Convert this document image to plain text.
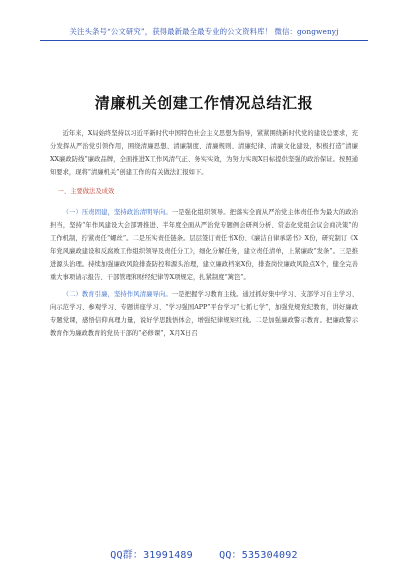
关注头条号“公文研究”，获得最新最全最专业的公文资料库！ 微信：gongwenyj
清廉机关创建工作情况总结汇报

近年来，X局始终坚持以习近平新时代中国特色社会主义思想为指导，紧紧围绕新时代党的建设总要求，充分发挥从严治党引领作用，围绕清廉思想、清廉制度、清廉规则、清廉纪律、清廉文化建设，积极打造“清廉XX廉政防线”廉政品牌，全面推进X工作风清气正、务实实效，为努力实现X目标提供坚强的政治保证。按照通知要求，现将“清廉机关”创建工作的有关做法汇报如下。

一、主要做法及成效

（一）压责固建，坚持政治清明导向。一是强化组织领导。把落实全面从严治党主体责任作为最大的政治担当，坚持“年作风建设大会部署推进、半年度全面从严治党专题例会研判分析、常态化党组会议会商决策”的工作机制，拧紧责任“螺丝”。二是压实责任链条。层层签订责任书X份、《廉洁自律承诺书》X份，研究制订《X年党风廉政建设和反腐败工作组织领导及责任分工》，细化分解任务，建立责任清单，上紧廉政“发条”。三是推进源头治理。持续加强廉政风险排查防控和源头治理，建立廉政档案X份，排查岗位廉政风险点X个，健全完善重大事项请示报告、干部管理和财经纪律等X项规定，扎紧制度“篱笆”。

（二）教育引廉，坚持作风清廉导向。一是把握学习教育主线。通过抓好集中学习、支部学习自主学习、向示范学习、参观学习、专题讲座学习、“学习强国APP”平台学习“七抓七学”，加强党规党纪教育，讲好廉政专题党课，感悟信仰真理力量，说好学思践悟体会，增强纪律规矩红线。二是加强廉政警示教育。把廉政警示教育作为廉政教育的党员干部的“必修课”，X月X日召

QQ群：31991489	QQ：535304092
